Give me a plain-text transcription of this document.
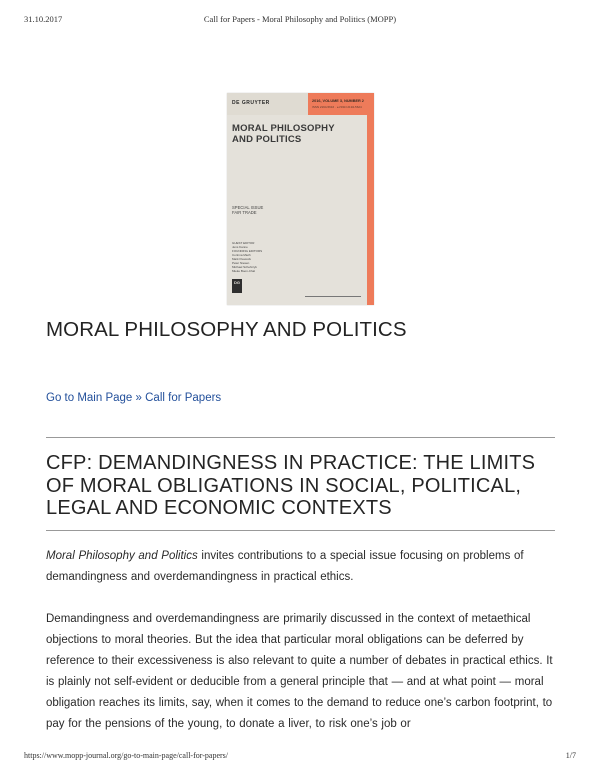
31.10.2017	Call for Papers - Moral Philosophy and Politics (MOPP)
DE GRUYTER	2016, VOLUME 3, NUMBER 2
ISSN 2194-5616 · e-ISSN 2194-5624
MORAL PHILOSOPHY AND POLITICS
SPECIAL ISSUE
FAIR TRADE
GUEST EDITOR
Jens Kanne
FOUNDING EDITORS
Corinna Mieth
Mark Peacock
Peter Niesen
Michael Schefczyk
Mieke Boon-Chal
DG
MORAL PHILOSOPHY AND POLITICS
Go to Main Page » Call for Papers
CFP: DEMANDINGNESS IN PRACTICE: THE LIMITS OF MORAL OBLIGATIONS IN SOCIAL, POLITICAL, LEGAL AND ECONOMIC CONTEXTS

Moral Philosophy and Politics invites contributions to a special issue focusing on problems of demandingness and overdemandingness in practical ethics.

Demandingness and overdemandingness are primarily discussed in the context of metaethical objections to moral theories. But the idea that particular moral obligations can be deferred by reference to their excessiveness is also relevant to quite a number of debates in practical ethics. It is plainly not self-evident or deducible from a general principle that — and at what point — moral obligation reaches its limits, say, when it comes to the demand to reduce one’s carbon footprint, to pay for the pensions of the young, to donate a liver, to risk one’s job or

https://www.mopp-journal.org/go-to-main-page/call-for-papers/	1/7
